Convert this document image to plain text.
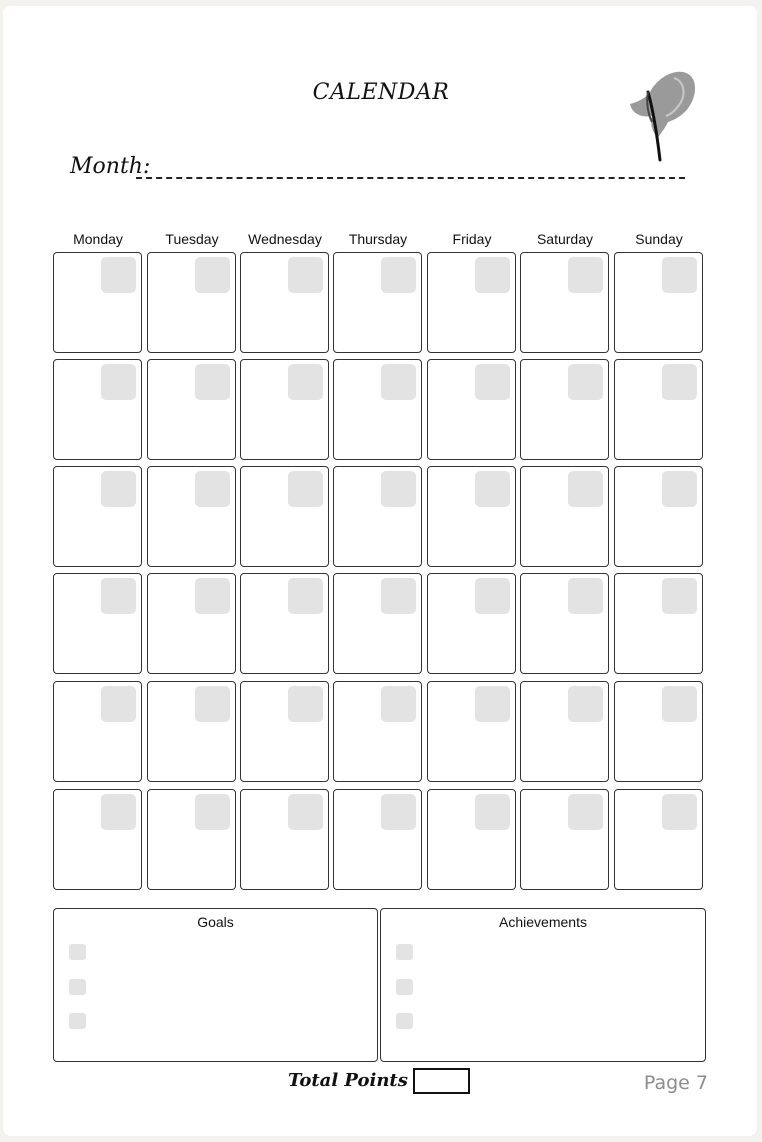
CALENDAR
Month:
Monday	Tuesday	Wednesday	Thursday	Friday	Saturday	Sunday
Goals	Achievements
Total Points	Page 7
